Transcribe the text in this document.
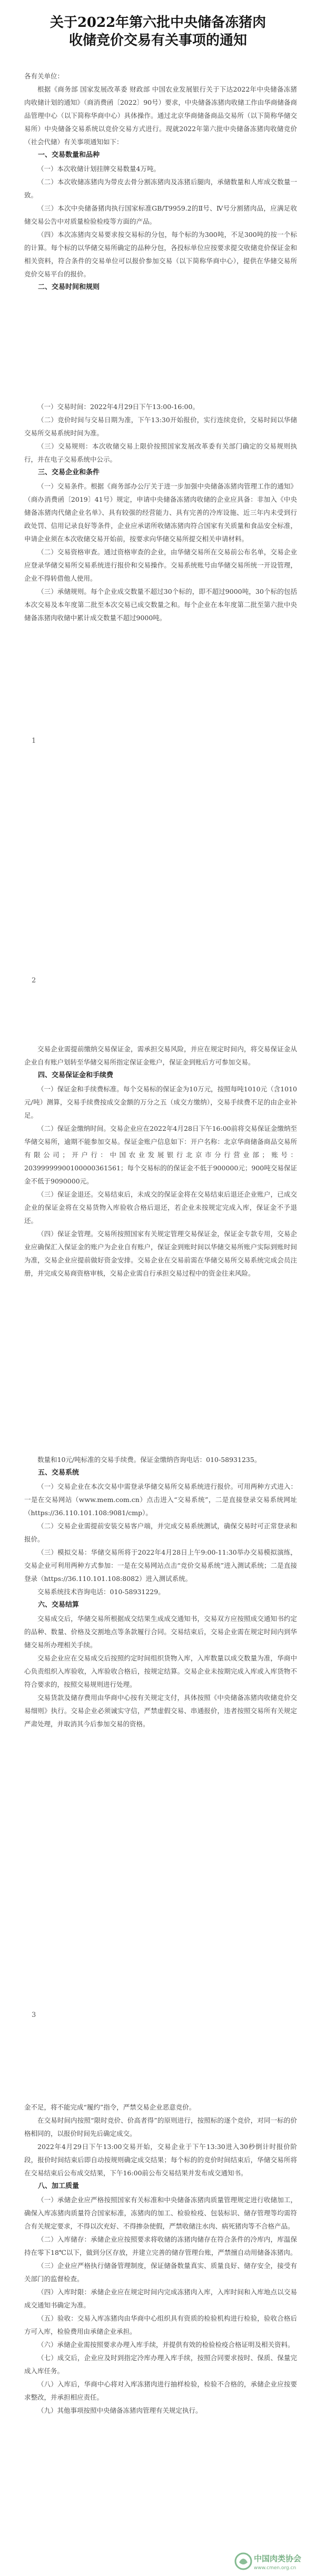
关于2022年第六批中央储备冻猪肉
收储竞价交易有关事项的通知

各有关单位：

根据《商务部 国家发展改革委 财政部 中国农业发展银行关于下达2022年中央储备冻猪肉收储计划的通知》（商消费函〔2022〕90号）要求，中央储备冻猪肉收储工作由华商储备商品管理中心（以下简称华商中心）具体操作。通过北京华商储备商品交易所（以下简称华储交易所）中央储备交易系统以竞价交易方式进行。现就2022年第六批中央储备冻猪肉收储竞价（社会代储）有关事项通知如下：

一、交易数量和品种

（一）本次收储计划挂牌交易数量4万吨。

（二）本次收储冻猪肉为带皮去骨分割冻猪肉及冻猪后腿肉，承储数量和人库成交数量一致。

（三）本次中央储备猪肉执行国家标准GB/T9959.2的Ⅱ号、Ⅳ号分割猪肉品，应满足收储交易公告中对质量检验检疫等方面的产品。

（四）本次冻猪肉交易要求按交易标的分包，每个标的为300吨，不足300吨的按一个标的计算。每个标的以华储交易所确定的品种分包，各投标单位应按要求提交收储竞价保证金和相关资料，符合条件的交易单位可以报价参加交易（以下简称华商中心），提供在华储交易所竞价交易平台的报价。

二、交易时间和规则

（一）交易时间：2022年4月29日下午13:00-16:00。

（二）竞价时间与交易日期为准，下午13:30开始报价，实行连续竞价，交易时间以华储交易所交易系统时间为准。

（三）交易规则：本次收储交易上限价按照国家发展改革委有关部门确定的交易规则执行，并在电子交易系统中公示。

三、交易企业和条件

（一）交易条件。根据《商务部办公厅关于进一步加强中央储备冻猪肉管理工作的通知》（商办消费函〔2019〕41号）规定，申请中央储备冻猪肉收储的企业应具备：非加入《中央储备冻猪肉代储企业名单》、具有较强的经营能力、具有完善的冷库设施、近三年内未受到行政处罚、信用记录良好等条件，企业应承诺所收储冻猪肉符合国家有关质量和食品安全标准，申请企业须在本次收储交易开始前，按要求向华储交易所提交相关申请材料。

（二）交易资格审查。通过资格审查的企业，由华储交易所在交易前公布名单，交易企业应登录华储交易所交易系统进行报价和交易操作。交易系统账号由华储交易所统一开设管理，企业不得转借他人使用。

（三）承储规则。每个企业成交数量不超过30个标的，即不超过9000吨，30个标的包括本次交易及本年度第二批至本次交易已成交数量之和。每个企业在本年度第二批至第六批中央储备冻猪肉收储中累计成交数量不超过9000吨。

1
2

交易企业需提前缴纳交易保证金，需承担交易风险，并应在规定时间内，将交易保证金从企业自有账户划转至华储交易所指定保证金账户，保证金到账后方可参加交易。

四、交易保证金和手续费

（一）保证金和手续费标准。每个交易标的保证金为10万元，按照每吨1010元（含1010元/吨）测算，交易手续费按成交金额的万分之五（成交方缴纳），交易手续费不足的由企业补足。

（二）保证金缴纳时间。交易企业应在2022年4月28日下午16:00前将交易保证金缴纳至华储交易所，逾期不能参加交易。保证金账户信息如下：开户名称：北京华商储备商品交易所有限公司；开户行：中国农业发展银行北京市分行营业部；账号：20399999900100000361561；每个交易标的的保证金不低于900000元；900吨交易保证金不低于9090000元。

（三）保证金退还。交易结束后，未成交的保证金将在交易结束后退还企业账户，已成交企业的保证金将在交易货物入库验收合格后退还，若企业未按规定完成入库，保证金不予退还。

（四）保证金管理。交易所按照国家有关规定管理交易保证金，保证金专款专用，交易企业应确保汇入保证金的账户为企业自有账户，保证金到账时间以华储交易所账户实际到账时间为准，交易企业应提前做好资金安排。交易企业在交易前需在华储交易所交易系统完成会员注册，并完成交易商资格审核，交易企业需自行承担交易过程中的资金往来风险。

数量和10元/吨标准的交易手续费。保证金缴纳咨询电话：010-58931235。

五、交易系统

（一）交易企业在本次交易中需登录华储交易所交易系统进行报价。可用两种方式进入：一是在交易网站（www.mem.com.cn）点击进入“交易系统”，二是直接登录交易系统网址（https://36.110.101.108:9081/cmp）。

（二）交易企业需提前安装交易客户端，并完成交易系统测试，确保交易时可正常登录和报价。

（三）模拟交易：华储交易所将于2022年4月28日上午9:00-11:30举办交易模拟演练，交易企业可利用两种方式参加：一是在交易网站点击“竞价交易系统”进入测试系统；二是直接登录（https://36.110.101.108:8082）进入测试系统。

交易系统技术咨询电话：010-58931229。

六、交易结算

交易成交后，华储交易所根据成交结果生成成交通知书，交易双方应按照成交通知书约定的品种、数量、价格及交割地点等条款履行合同。交易结束后，交易企业需在规定时间内到华储交易所办理相关手续。

交易企业应在交易成交后按照约定时间组织货物入库，入库数量以成交数量为准，华商中心负责组织入库验收，入库验收合格后，按规定结算。交易企业未按期完成入库或入库货物不符合要求的，按照交易规则进行处理。

交易货款及储存费用由华商中心按有关规定支付，具体按照《中央储备冻猪肉收储竞价交易细则》执行。交易企业必须诚实守信，严禁虚假交易、串通报价，违者按照交易所有关规定严肃处理，并取消其今后参加交易的资格。

3

金不足，将不能完成“履约”指令，严禁交易企业恶意竞价。

在交易时间内按照“限时竞价、价高者得”的原则进行，按照标的逐个竞价，对同一标的价格相同的，以报价时间先后确定成交。

2022年4月29日下午13:00交易开始，交易企业于下午13:30进入30秒倒计时报价阶段，报价时间结束后即自动按规则确定成交结果；每个标的的竞价时间结束后，华储交易所将在交易结束后公布成交结果，下午16:00前公布交易结果并发布成交通知书。

八、加工质量

（一）承储企业应严格按照国家有关标准和中央储备冻猪肉质量管理规定进行收储加工，确保入库冻猪肉质量符合国家标准，冻猪肉的加工、检验检疫、包装标识、储存管理等均需符合有关规定要求，不得以次充好、不得掺杂使假，严禁收储注水肉、病死猪肉等不合格产品。

（二）入库储存：承储企业应按照要求将收储的冻猪肉储存在符合条件的冷库内，库温保持在零下18℃以下，做到分区存放，并建立完善的储存管理台账，严禁擅自动用储备冻猪肉。

（三）企业应严格执行储备管理制度，保证储备数量真实、质量良好、储存安全，接受有关部门的监督检查。

（四）入库时限：承储企业应在规定时间内完成冻猪肉入库，入库时间和入库地点以交易成交通知书确定为准。

（五）验收：交易入库冻猪肉由华商中心组织具有资质的检验机构进行检验，验收合格后方可入库，检验费用由承储企业承担。

（六）承储企业需按照要求办理入库手续，并提供有效的检验检疫合格证明及相关资料。

（七）成交后，企业应及时到指定冷库办理入库手续，按照合同要求按时、保质、保量完成入库任务。

（八）入库后，华商中心将对入库冻猪肉进行抽样检验，检验不合格的，承储企业应按要求整改，并承担相应责任。

（九）其他事项按照中央储备冻猪肉管理有关规定执行。

中国肉类协会
www.cmen.org.cn
